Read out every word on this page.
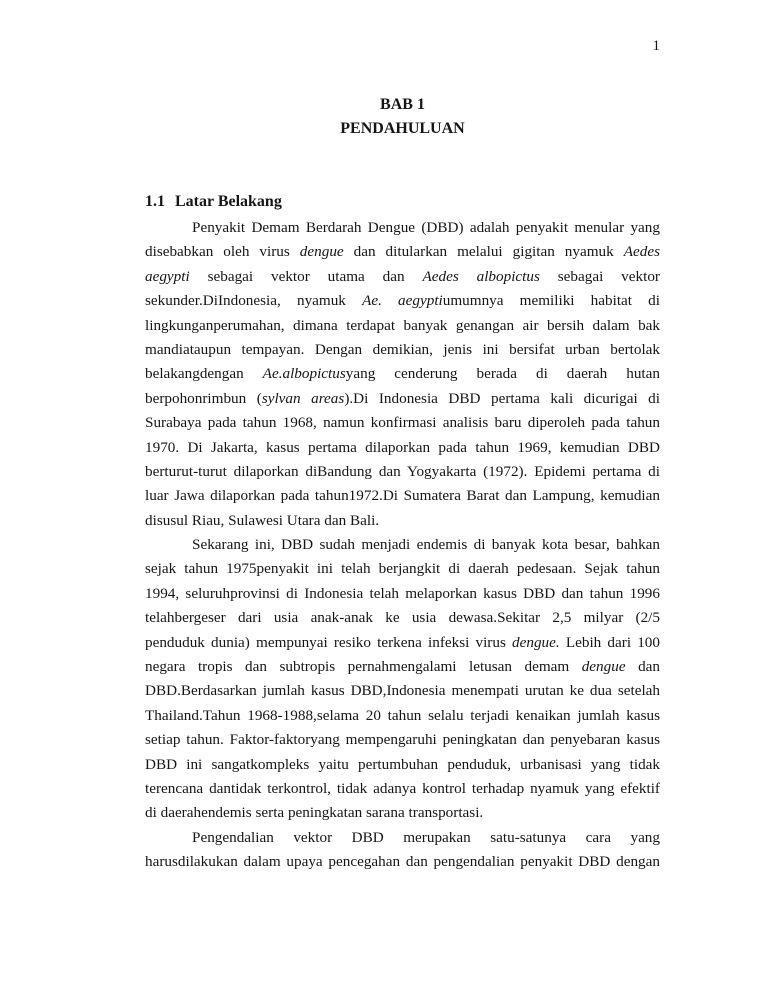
1
BAB 1
PENDAHULUAN
1.1 Latar Belakang
Penyakit Demam Berdarah Dengue (DBD) adalah penyakit menular yang
disebabkan oleh virus dengue dan ditularkan melalui gigitan nyamuk Aedes
aegypti sebagai vektor utama dan Aedes albopictus sebagai vektor
sekunder.DiIndonesia, nyamuk Ae. aegyptiumumnya memiliki habitat di
lingkunganperumahan, dimana terdapat banyak genangan air bersih dalam bak
mandiataupun tempayan. Dengan demikian, jenis ini bersifat urban bertolak
belakangdengan Ae.albopictusyang cenderung berada di daerah hutan
berpohonrimbun (sylvan areas).Di Indonesia DBD pertama kali dicurigai di
Surabaya pada tahun 1968, namun konfirmasi analisis baru diperoleh pada tahun
1970. Di Jakarta, kasus pertama dilaporkan pada tahun 1969, kemudian DBD
berturut-turut dilaporkan diBandung dan Yogyakarta (1972). Epidemi pertama di
luar Jawa dilaporkan pada tahun1972.Di Sumatera Barat dan Lampung, kemudian
disusul Riau, Sulawesi Utara dan Bali.
Sekarang ini, DBD sudah menjadi endemis di banyak kota besar, bahkan
sejak tahun 1975penyakit ini telah berjangkit di daerah pedesaan. Sejak tahun
1994, seluruhprovinsi di Indonesia telah melaporkan kasus DBD dan tahun 1996
telahbergeser dari usia anak-anak ke usia dewasa.Sekitar 2,5 milyar (2/5
penduduk dunia) mempunyai resiko terkena infeksi virus dengue. Lebih dari 100
negara tropis dan subtropis pernahmengalami letusan demam dengue dan
DBD.Berdasarkan jumlah kasus DBD,Indonesia menempati urutan ke dua setelah
Thailand.Tahun 1968-1988,selama 20 tahun selalu terjadi kenaikan jumlah kasus
setiap tahun. Faktor-faktoryang mempengaruhi peningkatan dan penyebaran kasus
DBD ini sangatkompleks yaitu pertumbuhan penduduk, urbanisasi yang tidak
terencana dantidak terkontrol, tidak adanya kontrol terhadap nyamuk yang efektif
di daerahendemis serta peningkatan sarana transportasi.
Pengendalian vektor DBD merupakan satu-satunya cara yang
harusdilakukan dalam upaya pencegahan dan pengendalian penyakit DBD dengan
